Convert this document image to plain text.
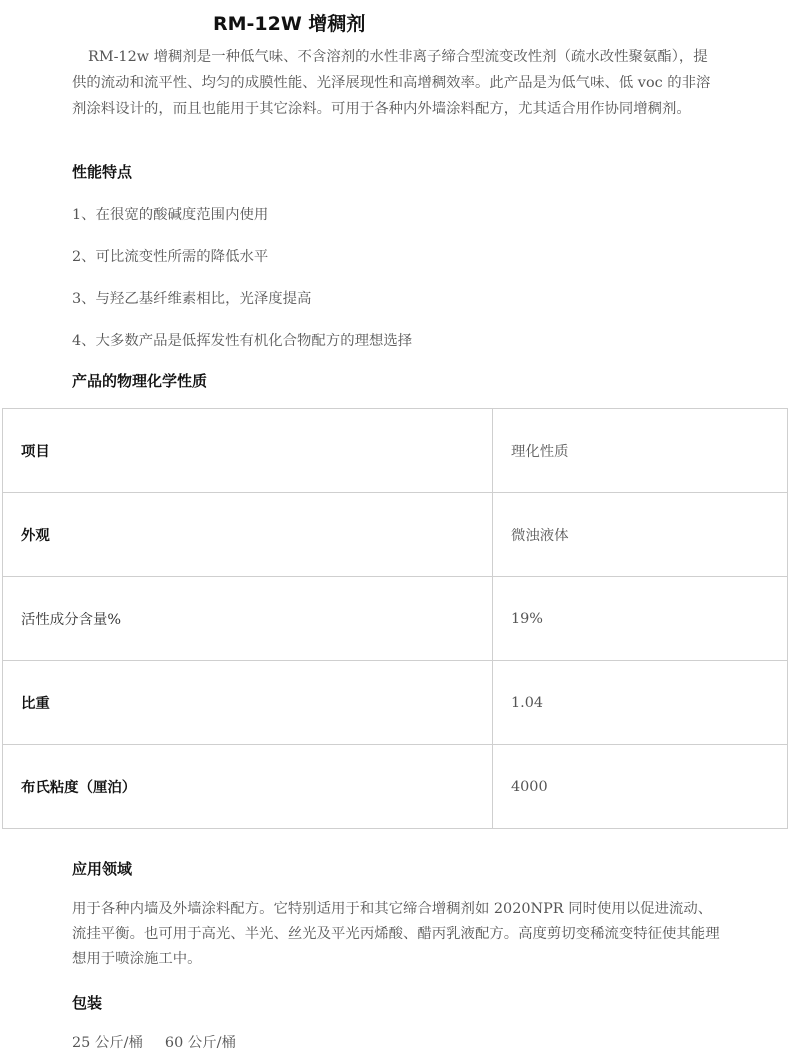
RM-12W 增稠剂
RM-12w 增稠剂是一种低气味、不含溶剂的水性非离子缔合型流变改性剂（疏水改性聚氨酯），提供的流动和流平性、均匀的成膜性能、光泽展现性和高增稠效率。此产品是为低气味、低 voc 的非溶剂涂料设计的，而且也能用于其它涂料。可用于各种内外墙涂料配方，尤其适合用作协同增稠剂。
性能特点
1、在很宽的酸碱度范围内使用
2、可比流变性所需的降低水平
3、与羟乙基纤维素相比，光泽度提高
4、大多数产品是低挥发性有机化合物配方的理想选择
产品的物理化学性质
项目	理化性质
外观	微浊液体
活性成分含量%	19%
比重	1.04
布氏粘度（厘泊）	4000
应用领域
用于各种内墙及外墙涂料配方。它特别适用于和其它缔合增稠剂如 2020NPR 同时使用以促进流动、流挂平衡。也可用于高光、半光、丝光及平光丙烯酸、醋丙乳液配方。高度剪切变稀流变特征使其能理想用于喷涂施工中。
包装
25 公斤/桶 60 公斤/桶
